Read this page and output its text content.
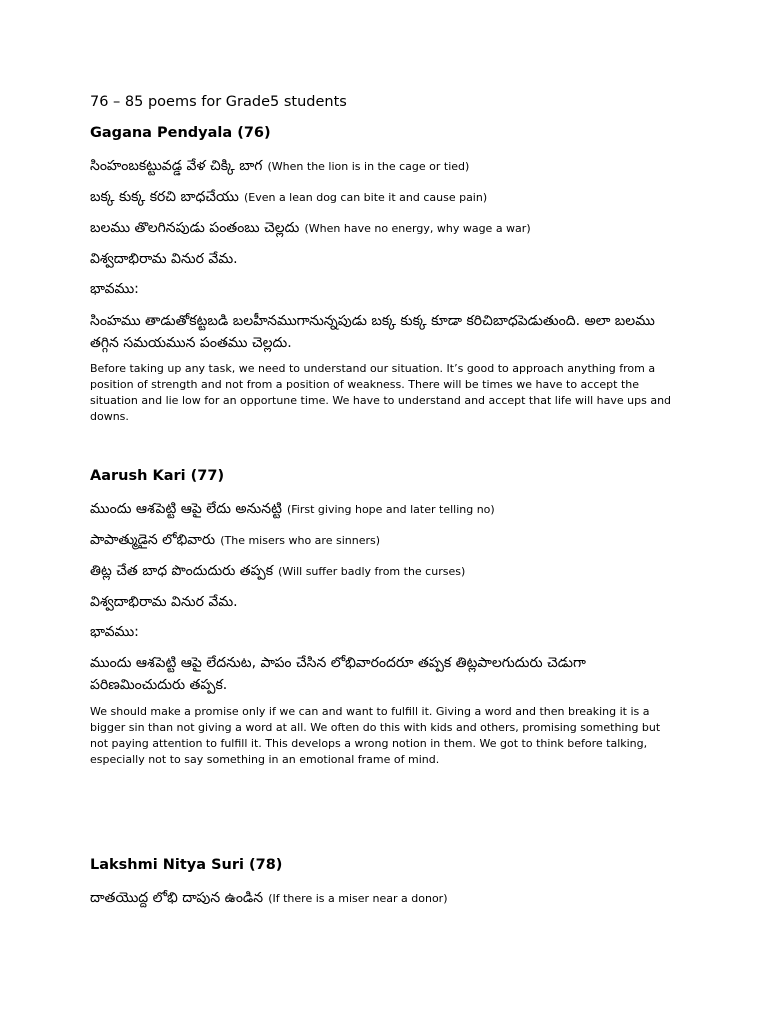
76 – 85 poems for Grade5 students
Gagana Pendyala (76)
సింహంబకట్టువడ్డ వేళ చిక్కి బాగ (When the lion is in the cage or tied)
బక్క కుక్క కరచి బాధచేయు (Even a lean dog can bite it and cause pain)
బలము తొలగినపుడు పంతంబు చెల్లదు (When have no energy, why wage a war)
విశ్వదాభిరామ వినుర వేమ.
భావము:
సింహము తాడుతోకట్టబడి బలహీనముగానున్నపుడు బక్క కుక్క కూడా కరిచిబాధపెడుతుంది. అలా బలము తగ్గిన సమయమున పంతము చెల్లదు.
Before taking up any task, we need to understand our situation. It’s good to approach anything from a position of strength and not from a position of weakness. There will be times we have to accept the situation and lie low for an opportune time. We have to understand and accept that life will have ups and downs.
Aarush Kari (77)
ముందు ఆశపెట్టి ఆపై లేదు అనునట్టి (First giving hope and later telling no)
పాపాత్ముడైన లోభివారు (The misers who are sinners)
తిట్ల చేత బాధ పొందుదురు తప్పక (Will suffer badly from the curses)
విశ్వదాభిరామ వినుర వేమ.
భావము:
ముందు ఆశపెట్టి ఆపై లేదనుట, పాపం చేసిన లోభివారందరూ తప్పక తిట్లపాలగుదురు చెడుగా పరిణమించుదురు తప్పక.
We should make a promise only if we can and want to fulfill it. Giving a word and then breaking it is a bigger sin than not giving a word at all. We often do this with kids and others, promising something but not paying attention to fulfill it. This develops a wrong notion in them. We got to think before talking, especially not to say something in an emotional frame of mind.
Lakshmi Nitya Suri (78)
దాతయొద్ద లోభి దాపున ఉండిన (If there is a miser near a donor)
